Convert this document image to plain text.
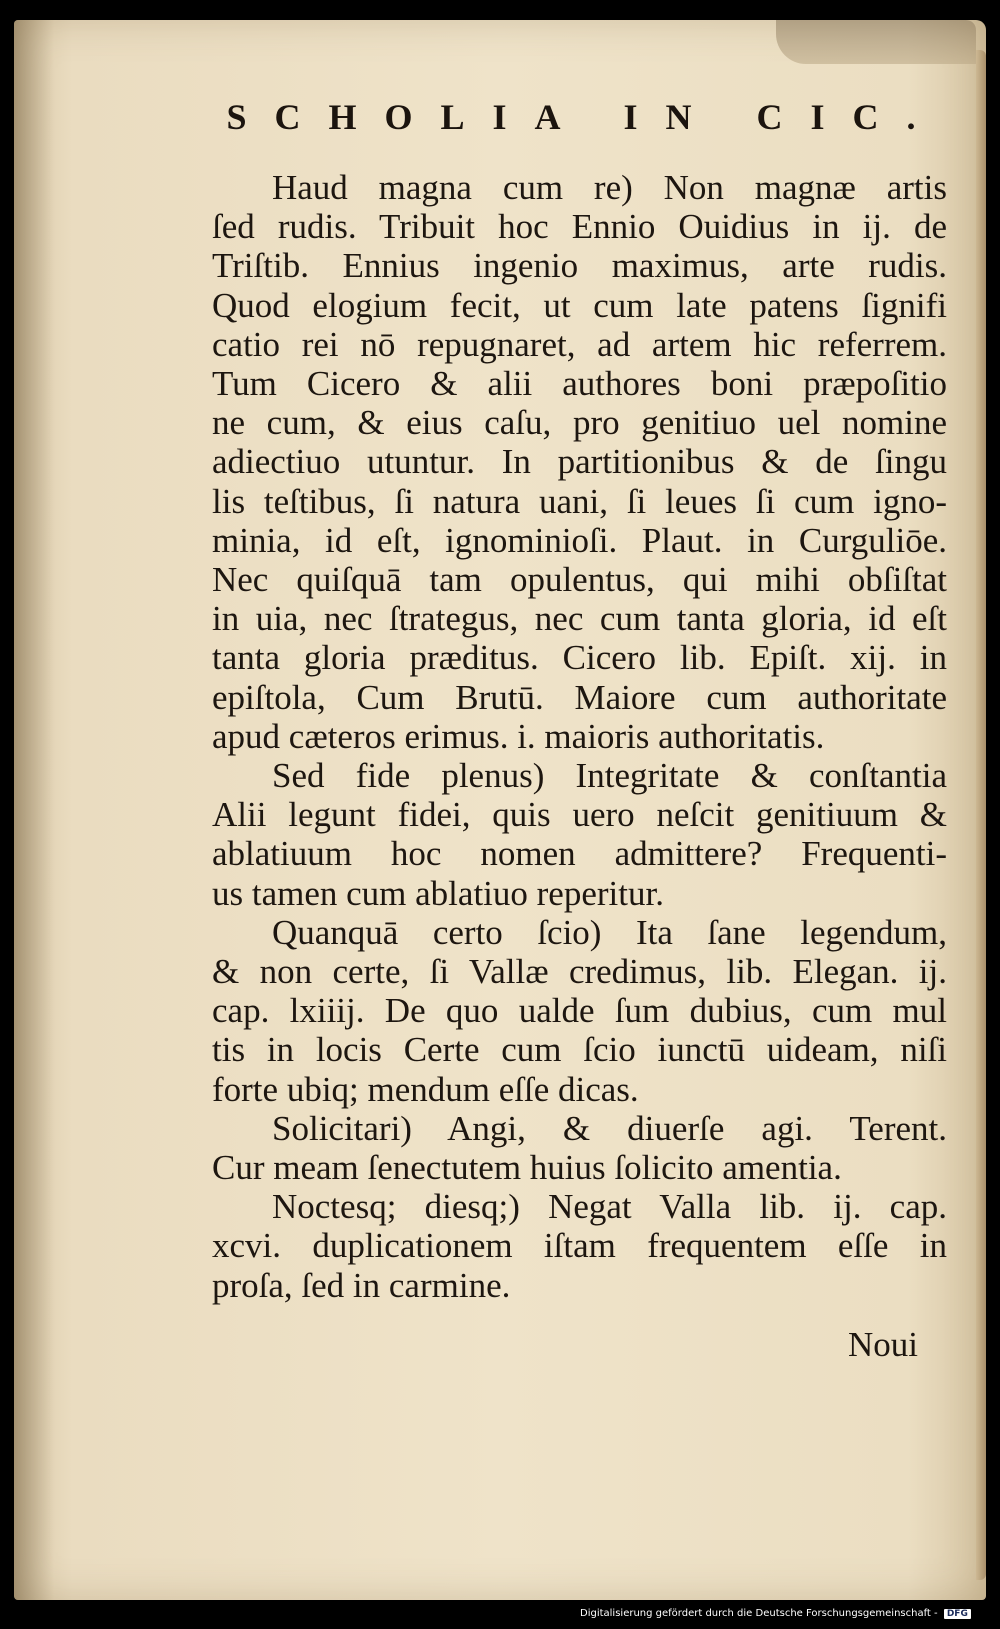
SCHOLIA IN CIC.
Haud magna cum re) Non magnæ artis
ſed rudis. Tribuit hoc Ennio Ouidius in ij. de
Triſtib. Ennius ingenio maximus, arte rudis.
Quod elogium fecit, ut cum late patens ſignifi
catio rei nō repugnaret, ad artem hic referrem.
Tum Cicero & alii authores boni præpoſitio
ne cum, & eius caſu, pro genitiuo uel nomine
adiectiuo utuntur. In partitionibus & de ſingu
lis teſtibus, ſi natura uani, ſi leues ſi cum igno-
minia, id eſt, ignominioſi. Plaut. in Curguliōe.
Nec quiſquā tam opulentus, qui mihi obſiſtat
in uia, nec ſtrategus, nec cum tanta gloria, id eſt
tanta gloria præditus. Cicero lib. Epiſt. xij. in
epiſtola, Cum Brutū. Maiore cum authoritate
apud cæteros erimus. i. maioris authoritatis.
Sed fide plenus) Integritate & conſtantia
Alii legunt fidei, quis uero neſcit genitiuum &
ablatiuum hoc nomen admittere? Frequenti-
us tamen cum ablatiuo reperitur.
Quanquā certo ſcio) Ita ſane legendum,
& non certe, ſi Vallæ credimus, lib. Elegan. ij.
cap. lxiiij. De quo ualde ſum dubius, cum mul
tis in locis Certe cum ſcio iunctū uideam, niſi
forte ubiq; mendum eſſe dicas.
Solicitari) Angi, & diuerſe agi. Terent.
Cur meam ſenectutem huius ſolicito amentia.
Noctesq; diesq;) Negat Valla lib. ij. cap.
xcvi. duplicationem iſtam frequentem eſſe in
proſa, ſed in carmine.
Noui
Digitalisierung gefördert durch die Deutsche Forschungsgemeinschaft - DFG
